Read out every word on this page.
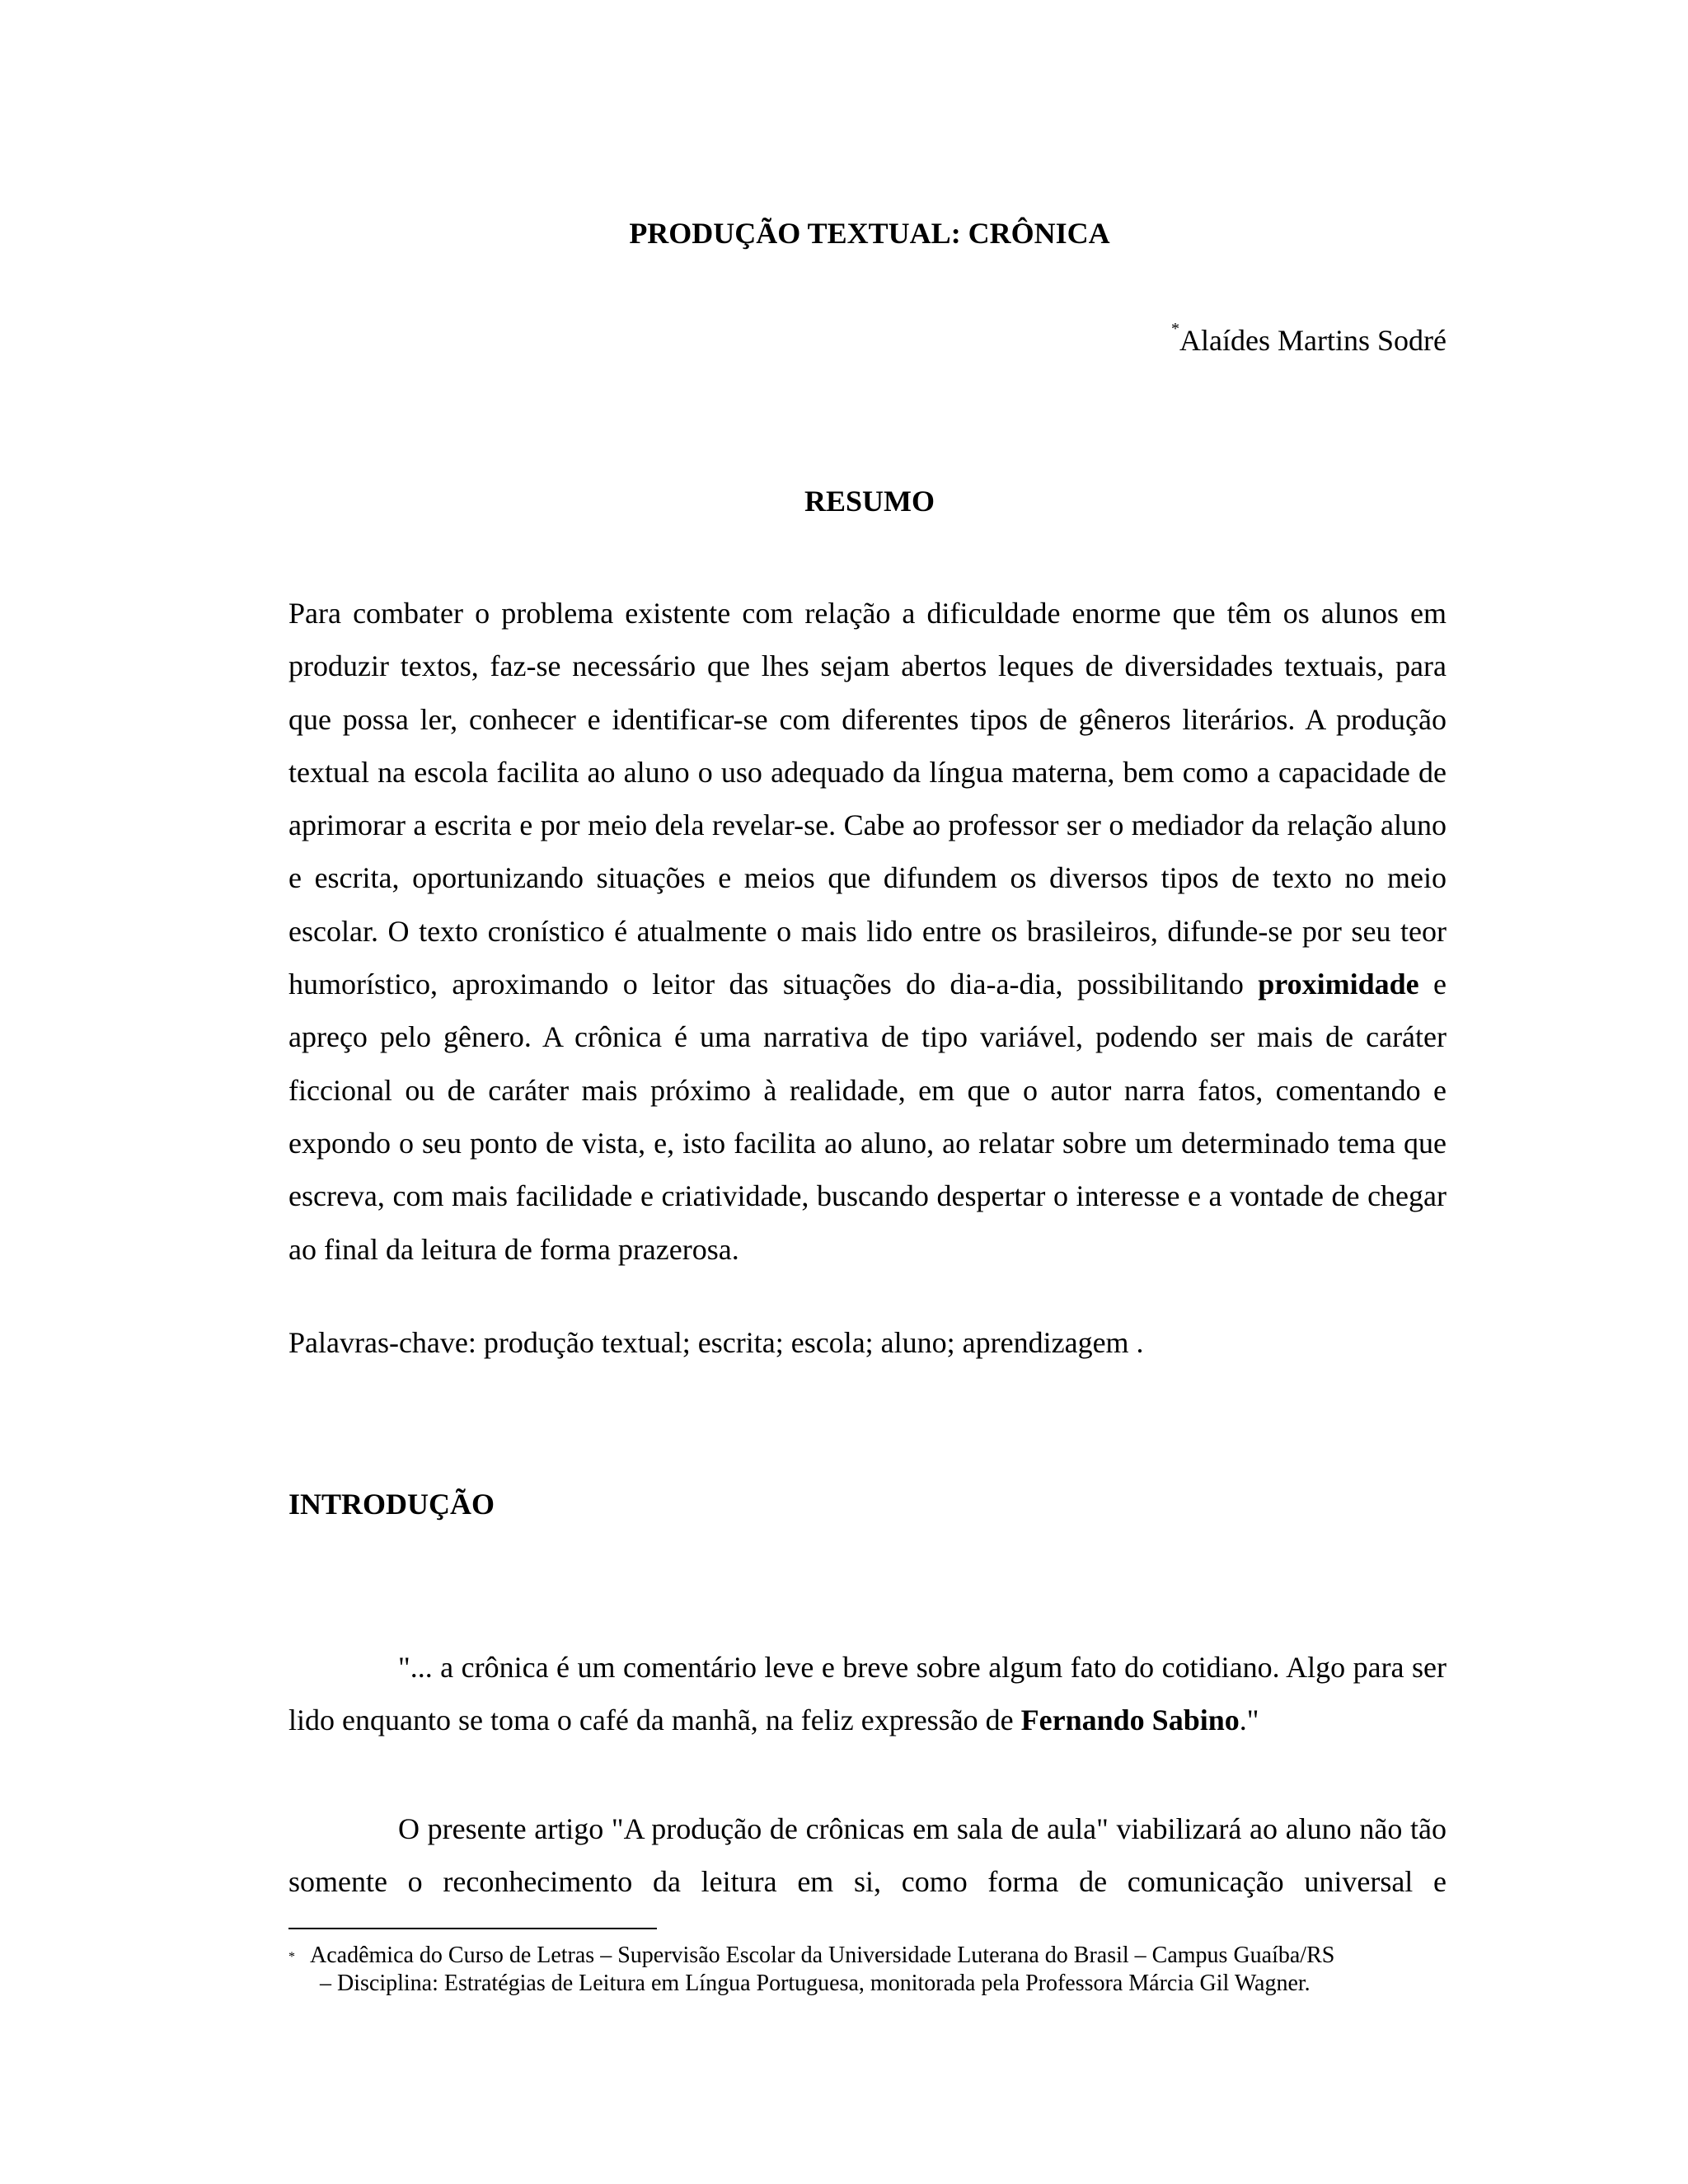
PRODUÇÃO TEXTUAL: CRÔNICA

*Alaídes Martins Sodré

RESUMO

Para combater o problema existente com relação a dificuldade enorme que têm os alunos em produzir textos, faz-se necessário que lhes sejam abertos leques de diversidades textuais, para que possa ler, conhecer e identificar-se com diferentes tipos de gêneros literários. A produção textual na escola facilita ao aluno o uso adequado da língua materna, bem como a capacidade de aprimorar a escrita e por meio dela revelar-se. Cabe ao professor ser o mediador da relação aluno e escrita, oportunizando situações e meios que difundem os diversos tipos de texto no meio escolar. O texto cronístico é atualmente o mais lido entre os brasileiros, difunde-se por seu teor humorístico, aproximando o leitor das situações do dia-a-dia, possibilitando proximidade e apreço pelo gênero. A crônica é uma narrativa de tipo variável, podendo ser mais de caráter ficcional ou de caráter mais próximo à realidade, em que o autor narra fatos, comentando e expondo o seu ponto de vista, e, isto facilita ao aluno, ao relatar sobre um determinado tema que escreva, com mais facilidade e criatividade, buscando despertar o interesse e a vontade de chegar ao final da leitura de forma prazerosa.

Palavras-chave: produção textual; escrita; escola; aluno; aprendizagem .

INTRODUÇÃO

"... a crônica é um comentário leve e breve sobre algum fato do cotidiano. Algo para ser lido enquanto se toma o café da manhã, na feliz expressão de Fernando Sabino."

O presente artigo "A produção de crônicas em sala de aula" viabilizará ao aluno não tão somente o reconhecimento da leitura em si, como forma de comunicação universal e

* Acadêmica do Curso de Letras – Supervisão Escolar da Universidade Luterana do Brasil – Campus Guaíba/RS
– Disciplina: Estratégias de Leitura em Língua Portuguesa, monitorada pela Professora Márcia Gil Wagner.
